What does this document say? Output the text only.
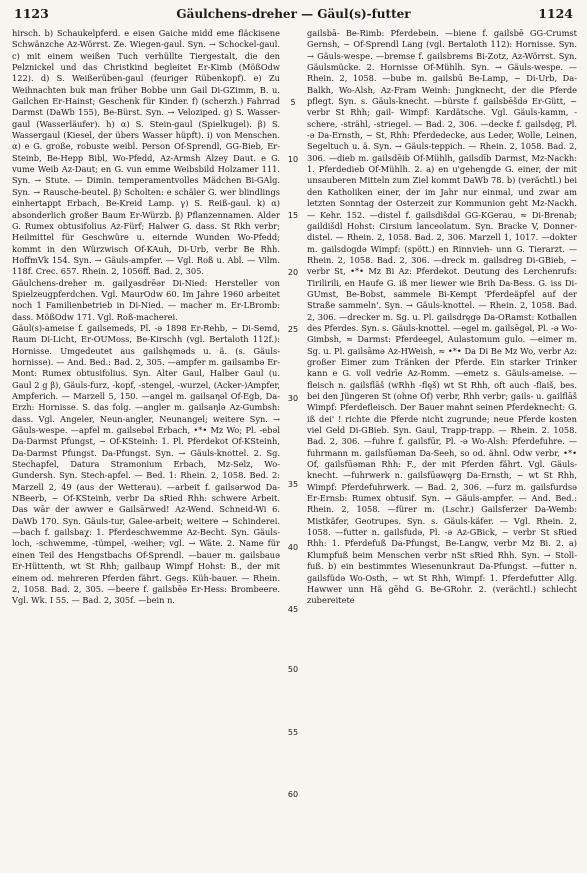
1123	Gäulchens-dreher — Gäul(s)-futter	1124

hirsch. b) Schaukelpferd. e eisen Gaiche midd eme fläckisene Schwänzche Az-Wörrst. Ze. Wiegen-gaul. Syn. → Schockel-gaul. c) mit einem weißen Tuch verhüllte Tiergestalt, die den Pelznickel und das Christkind begleitet Er-Kimb (MößOdw 122). d) S. Weißerüben-gaul (feuriger Rübenkopf). e) Zu Weihnachten buk man früher Bobbe unn Gail Di-GZimm, B. u. Gailchen Er-Hainst; Geschenk für Kinder. f) (scherzh.) Fahrrad Darmst (DaWb 155), Be-Bürst. Syn. → Veloziped. g) S. Wasser-gaul (Wasserläufer). h) α) S. Stein-gaul (Spielkugel). β) S. Wassergaul (Kiesel, der übers Wasser hüpft). i) von Menschen. α) e G. große, robuste weibl. Person Of-Sprendl, GG-Bieb, Er-Steinb, Be-Hepp Bibl, Wo-Pfedd, Az-Armsh Alzey Daut. e G. vume Weib Az-Daut; en G. vun emme Weibsbild Holzamer 111. Syn. → Stute. — Dimin. temperamentvolles Mädchen Bi-GAlg. Syn. → Rausche-beutel. β) Scholten: e schäler G. wer blindlings einhertappt Erbach, Be-Kreid Lamp. γ) S. Reiß-gaul. k) α) absonderlich großer Baum Er-Würzb. β) Pflanzennamen. Alder G. Rumex obtusifolius Az-Fürf; Halwer G. dass. St Rkh verbr; Heilmittel für Geschwüre u. eiternde Wunden Wo-Pfedd; kommt in den Würzwisch Of-KAuh, Di-Urb, verbr Be Rhh. HoffmVk 154. Syn. → Gäuls-ampfer. — Vgl. Roß u. Abl. — Vilm. 118f. Crec. 657. Rhein. 2, 1056ff. Bad. 2, 305.

Gäulchens-dreher m. gailχǝsdrēǝr Di-Nied: Hersteller von Spielzeugpferdchen. Vgl. MaurOdw 60. Im Jahre 1960 arbeitet noch 1 Familienbetrieb in Di-Nied. — macher m. Er-LBromb: dass. MößOdw 171. Vgl. Roß-macherei.

Gäul(s)-ameise f. gailsemeds, Pl. -ǝ 1898 Er-Rehb, ~ Di-Semd, Raum Di-Licht, Er-OUMoss, Be-Kirschh (vgl. Bertaloth 112f.): Hornisse. Umgedeutet aus gailshęmǝds u. ä. (s. Gäuls-hornisse). — And. Bed.: Bad. 2, 305. —ampfer m. gailsambǝ Er-Mont: Rumex obtusifolius. Syn. Alter Gaul, Halber Gaul (u. Gaul 2 g β), Gäuls-furz, -kopf, -stengel, -wurzel, (Acker-)Ampfer, Ampferich. — Marzell 5, 150. —angel m. gailsaηǝl Of-Egb, Da-Erzh: Hornisse. S. das folg. —angler m. gailsaηlǝ Az-Gumbsh: dass. Vgl. Angeler, Neun-angler, Neunangel; weitere Syn. → Gäuls-wespe. —apfel m. gailsebǝl Erbach, •*• Mz Wo; Pl. -ebǝl Da-Darmst Pfungst, ~ Of-KSteinh: 1. Pl. Pferdekot Of-KSteinh, Da-Darmst Pfungst. Da-Pfungst. Syn. → Gäuls-knottel. 2. Sg. Stechapfel, Datura Stramonium Erbach, Mz-Selz, Wo-Gundersh. Syn. Stech-apfel. — Bed. 1: Rhein. 2, 1058. Bed. 2: Marzell 2, 49 (aus der Wetterau). —arbeit f. gailsǝrwod Da-NBeerb, ~ Of-KSteinh, verbr Da sRied Rhh: schwere Arbeit. Das wār der awwer e Gailsārwed! Az-Wend. Schneid-Wi 6. DaWb 170. Syn. Gäuls-tur, Galee-arbeit; weitere → Schinderei. —bach f. gailsbaχ: 1. Pferdeschwemme Az-Becht. Syn. Gäuls-loch, -schwemme, -tümpel, -weiher; vgl. → Wäte. 2. Name für einen Teil des Hengstbachs Of-Sprendl. —bauer m. gailsbauǝ Er-Hüttenth, wt St Rhh; gailbaup Wimpf Hohst: B., der mit einem od. mehreren Pferden fährt. Gegs. Küh-bauer. — Rhein. 2, 1058. Bad. 2, 305. —beere f. gailsbēǝ Er-Hess: Brombeere. Vgl. Wk. I 55. — Bad. 2, 305f. —bein n.

5
10
15
20
25
30
35
40
45
50
55
60

gailsbā- Be-Rimb: Pferdebein. —biene f. gailsbē GG-Crumst Gernsh, ~ Of-Sprendl Lang (vgl. Bertaloth 112): Hornisse. Syn. → Gäuls-wespe. —bremse f. gailsbrems Bi-Zotz, Az-Wörrst. Syn. Gäulsmücke. 2. Hornisse Of-Mühlh. Syn. → Gäuls-wespe. — Rhein. 2, 1058. —bube m. gailsbū Be-Lamp, ~ Di-Urb, Da-Balkh, Wo-Alsh, Az-Fram Weinh: Jungknecht, der die Pferde pflegt. Syn. s. Gäuls-knecht. —bürste f. gailsbēšdǝ Er-Gütt, ~ verbr St Rhh; gail- Wimpf: Kardätsche. Vgl. Gäuls-kamm, -schere, -strähl, -striegel. — Bad. 2, 306. —decke f. gailsdęg, Pl. -ǝ Da-Ernsth, ~ St, Rhh: Pferdedecke, aus Leder, Wolle, Leinen, Segeltuch u. ä. Syn. → Gäuls-teppich. — Rhein. 2, 1058. Bad. 2, 306. —dieb m. gailsdēib Of-Mühlh, gailsdīb Darmst, Mz-Nackh: 1. Pferdedieb Of-Mühlh. 2. a) en u'gehengde G. einer, der mit unsauberen Mitteln zum Ziel kommt DaWb 78. b) (verächtl.) bei den Katholiken einer, der im Jahr nur einmal, und zwar am letzten Sonntag der Osterzeit zur Kommunion geht Mz-Nackh. — Kehr. 152. —distel f. gailsdišdǝl GG-KGerau, ≈ Di-Brenab; gaildišdl Hohst: Cirsium lanceolatum. Syn. Bracke V, Donner-distel. — Rhein. 2, 1058. Bad. 2, 306. Marzell 1, 1017. —dokter m. gailsdogdǝ Wimpf: (spött.) en Rinnvieh- unn G. Tierarzt. — Rhein. 2, 1058. Bad. 2, 306. —dreck m. gailsdreg Di-GBieb, ~ verbr St, •*• Mz Bi Az: Pferdekot. Deutung des Lerchenrufs: Tirilirili, en Haufe G. iß mer liewer wie Brih Da-Bess. G. iss Di-GUmst, Be-Bobst, sammele Bi-Kempt 'Pferdeäpfel auf der Straße sammeln'. Syn. → Gäuls-knottel. — Rhein. 2, 1058. Bad. 2, 306. —drecker m. Sg. u. Pl. gailsdręgǝ Da-ORamst: Kotballen des Pferdes. Syn. s. Gäuls-knottel. —egel m. gailsēgǝl, Pl. -ǝ Wo-Gimbsh, ≈ Darmst: Pferdeegel, Aulastomum gulo. —eimer m. Sg. u. Pl. gailsāmǝ Az-HWeish, ≈ •*• Da Di Be Mz Wo, verbr Az: großer Eimer zum Tränken der Pferde. Ein starker Trinker kann e G. voll vedrīe Az-Romm. —emetz s. Gäuls-ameise. —fleisch n. gailsflāš (wRhh -flęš) wt St Rhh, oft auch -flaiš, bes. bei den Jüngeren St (ohne Of) verbr, Rhh verbr; gails- u. gailflāš Wimpf: Pferdefleisch. Der Bauer mahnt seinen Pferdeknecht: G. iß dei' ! richte die Pferde nicht zugrunde; neue Pferde kosten viel Geld Di-GBieb. Syn. Gaul, Trapp-trapp. — Rhein. 2. 1058. Bad. 2, 306. —fuhre f. gailsfūr, Pl. -ǝ Wo-Alsh: Pferdefuhre. —fuhrmann m. gailsfūǝman Da-Seeh, so od. ähnl. Odw verbr, •*• Of, gailsfūǝman Rhh: F., der mit Pferden fährt. Vgl. Gäuls-knecht. —fuhrwerk n. gailsfūǝwęrg Da-Ernsth, ~ wt St Rhh, Wimpf: Pferdefuhrwerk. — Bad. 2, 306. —furz m. gailsfurdsǝ Er-Ernsb: Rumex obtusif. Syn. → Gäuls-ampfer. — And. Bed.: Rhein. 2, 1058. —fürer m. (Lschr.) Gailsferzer Da-Wemb: Mistkäfer, Geotrupes. Syn. s. Gäuls-käfer. — Vgl. Rhein. 2, 1058. —futter n. gailsfudǝ, Pl. -ǝ Az-GBick, ~ verbr St sRied Rhh: 1. Pferdefuß Da-Pfungst, Be-Langw, verbr Mz Bi. 2. a) Klumpfuß beim Menschen verbr nSt sRied Rhh. Syn. → Stoll-fuß. b) ein bestimmtes Wiesenunkraut Da-Pfungst. —futter n. gailsfüdǝ Wo-Osth, ~ wt St Rhh, Wimpf: 1. Pferdefutter Allg. Hawwer unn Hä gēhd G. Be-GRohr. 2. (verächtl.) schlecht zubereitete
